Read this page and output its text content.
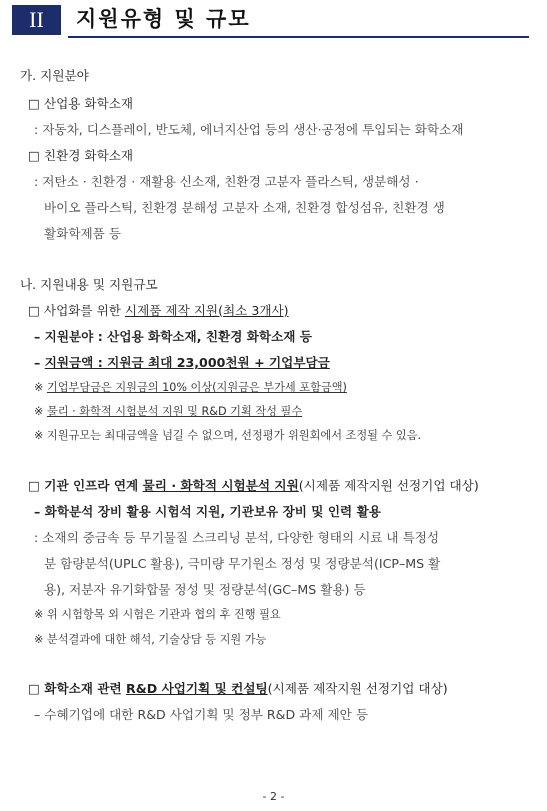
II	지원유형 및 규모
가. 지원분야
□ 산업용 화학소재
: 자동차, 디스플레이, 반도체, 에너지산업 등의 생산·공정에 투입되는 화학소재
□ 친환경 화학소재
: 저탄소 · 친환경 · 재활용 신소재, 친환경 고분자 플라스틱, 생분해성 ·
바이오 플라스틱, 친환경 분해성 고분자 소재, 친환경 합성섬유, 친환경 생
활화학제품 등
나. 지원내용 및 지원규모
□ 사업화를 위한 시제품 제작 지원(최소 3개사)
– 지원분야 : 산업용 화학소재, 친환경 화학소재 등
– 지원금액 : 지원금 최대 23,000천원 + 기업부담금
※ 기업부담금은 지원금의 10% 이상(지원금은 부가세 포함금액)
※ 물리 · 화학적 시험분석 지원 및 R&D 기획 작성 필수
※ 지원규모는 최대금액을 넘길 수 없으며, 선정평가 위원회에서 조정될 수 있음.
□ 기관 인프라 연계 물리 · 화학적 시험분석 지원(시제품 제작지원 선정기업 대상)
– 화학분석 장비 활용 시험석 지원, 기관보유 장비 및 인력 활용
: 소재의 중금속 등 무기물질 스크리닝 분석, 다양한 형태의 시료 내 특정성
분 함량분석(UPLC 활용), 극미량 무기원소 정성 및 정량분석(ICP–MS 활
용), 저분자 유기화합물 정성 및 정량분석(GC–MS 활용) 등
※ 위 시험항목 외 시험은 기관과 협의 후 진행 필요
※ 분석결과에 대한 해석, 기술상담 등 지원 가능
□ 화학소재 관련 R&D 사업기획 및 컨설팅(시제품 제작지원 선정기업 대상)
– 수혜기업에 대한 R&D 사업기획 및 정부 R&D 과제 제안 등
- 2 -
